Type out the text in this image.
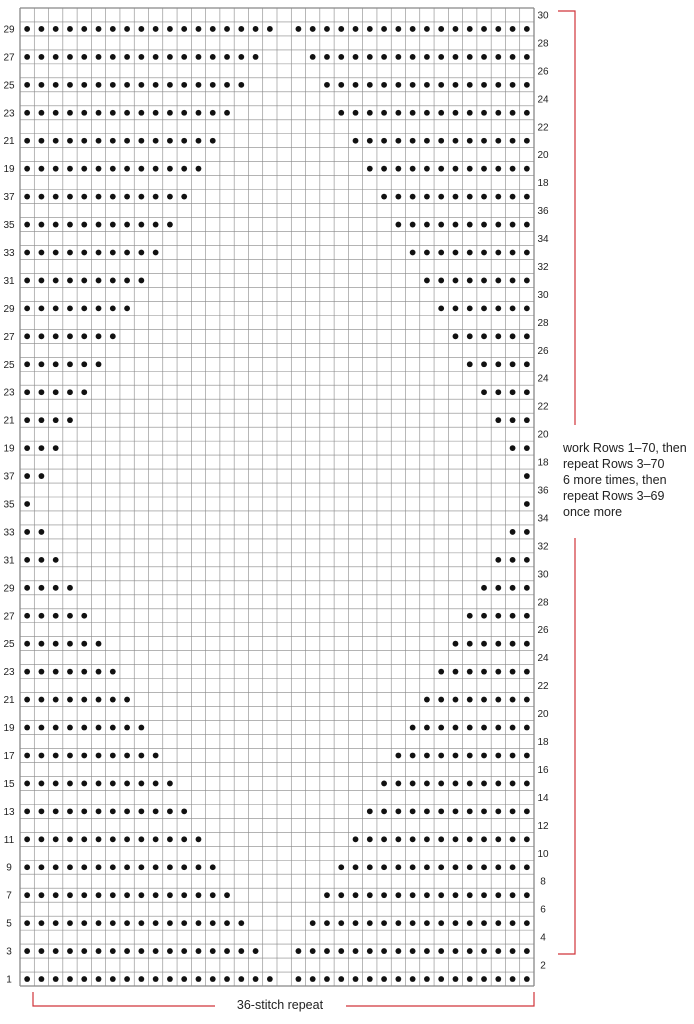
29
27
25
23
21
19
37
35
33
31
29
27
25
23
21
19
37
35
33
31
29
27
25
23
21
19
17
15
13
11
9
7
5
3
1
30
28
26
24
22
20
18
36
34
32
30
28
26
24
22
20
18
36
34
32
30
28
26
24
22
20
18
16
14
12
10
8
6
4
2
work Rows 1–70, then
repeat Rows 3–70
6 more times, then
repeat Rows 3–69
once more
36-stitch repeat
